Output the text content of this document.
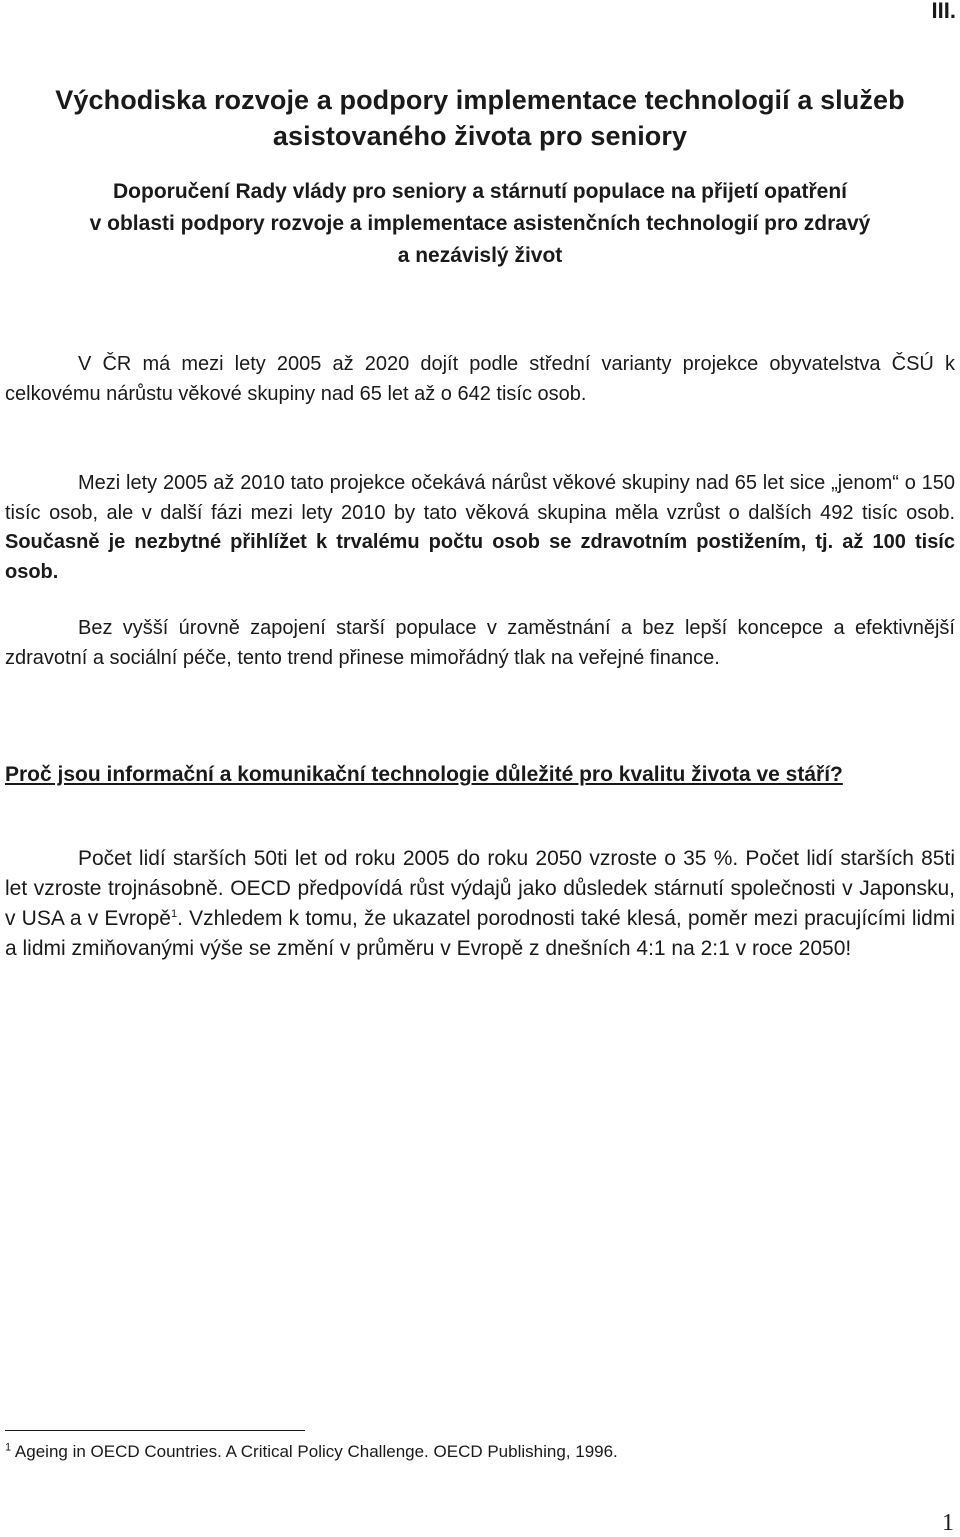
III.
Východiska rozvoje a podpory implementace technologií a služeb
asistovaného života pro seniory
Doporučení Rady vlády pro seniory a stárnutí populace na přijetí opatření
v oblasti podpory rozvoje a implementace asistenčních technologií pro zdravý
a nezávislý život

V ČR má mezi lety 2005 až 2020 dojít podle střední varianty projekce obyvatelstva ČSÚ k celkovému nárůstu věkové skupiny nad 65 let až o 642 tisíc osob.

Mezi lety 2005 až 2010 tato projekce očekává nárůst věkové skupiny nad 65 let sice „jenom“ o 150 tisíc osob, ale v další fázi mezi lety 2010 by tato věková skupina měla vzrůst o dalších 492 tisíc osob. Současně je nezbytné přihlížet k trvalému počtu osob se zdravotním postižením, tj. až 100 tisíc osob.

Bez vyšší úrovně zapojení starší populace v zaměstnání a bez lepší koncepce a efektivnější zdravotní a sociální péče, tento trend přinese mimořádný tlak na veřejné finance.

Proč jsou informační a komunikační technologie důležité pro kvalitu života ve stáří?

Počet lidí starších 50ti let od roku 2005 do roku 2050 vzroste o 35 %. Počet lidí starších 85ti let vzroste trojnásobně. OECD předpovídá růst výdajů jako důsledek stárnutí společnosti v Japonsku, v USA a v Evropě$^1$. Vzhledem k tomu, že ukazatel porodnosti také klesá, poměr mezi pracujícími lidmi a lidmi zmiňovanými výše se změní v průměru v Evropě z dnešních 4:1 na 2:1 v roce 2050!

$^1$ Ageing in OECD Countries. A Critical Policy Challenge. OECD Publishing, 1996.
1
